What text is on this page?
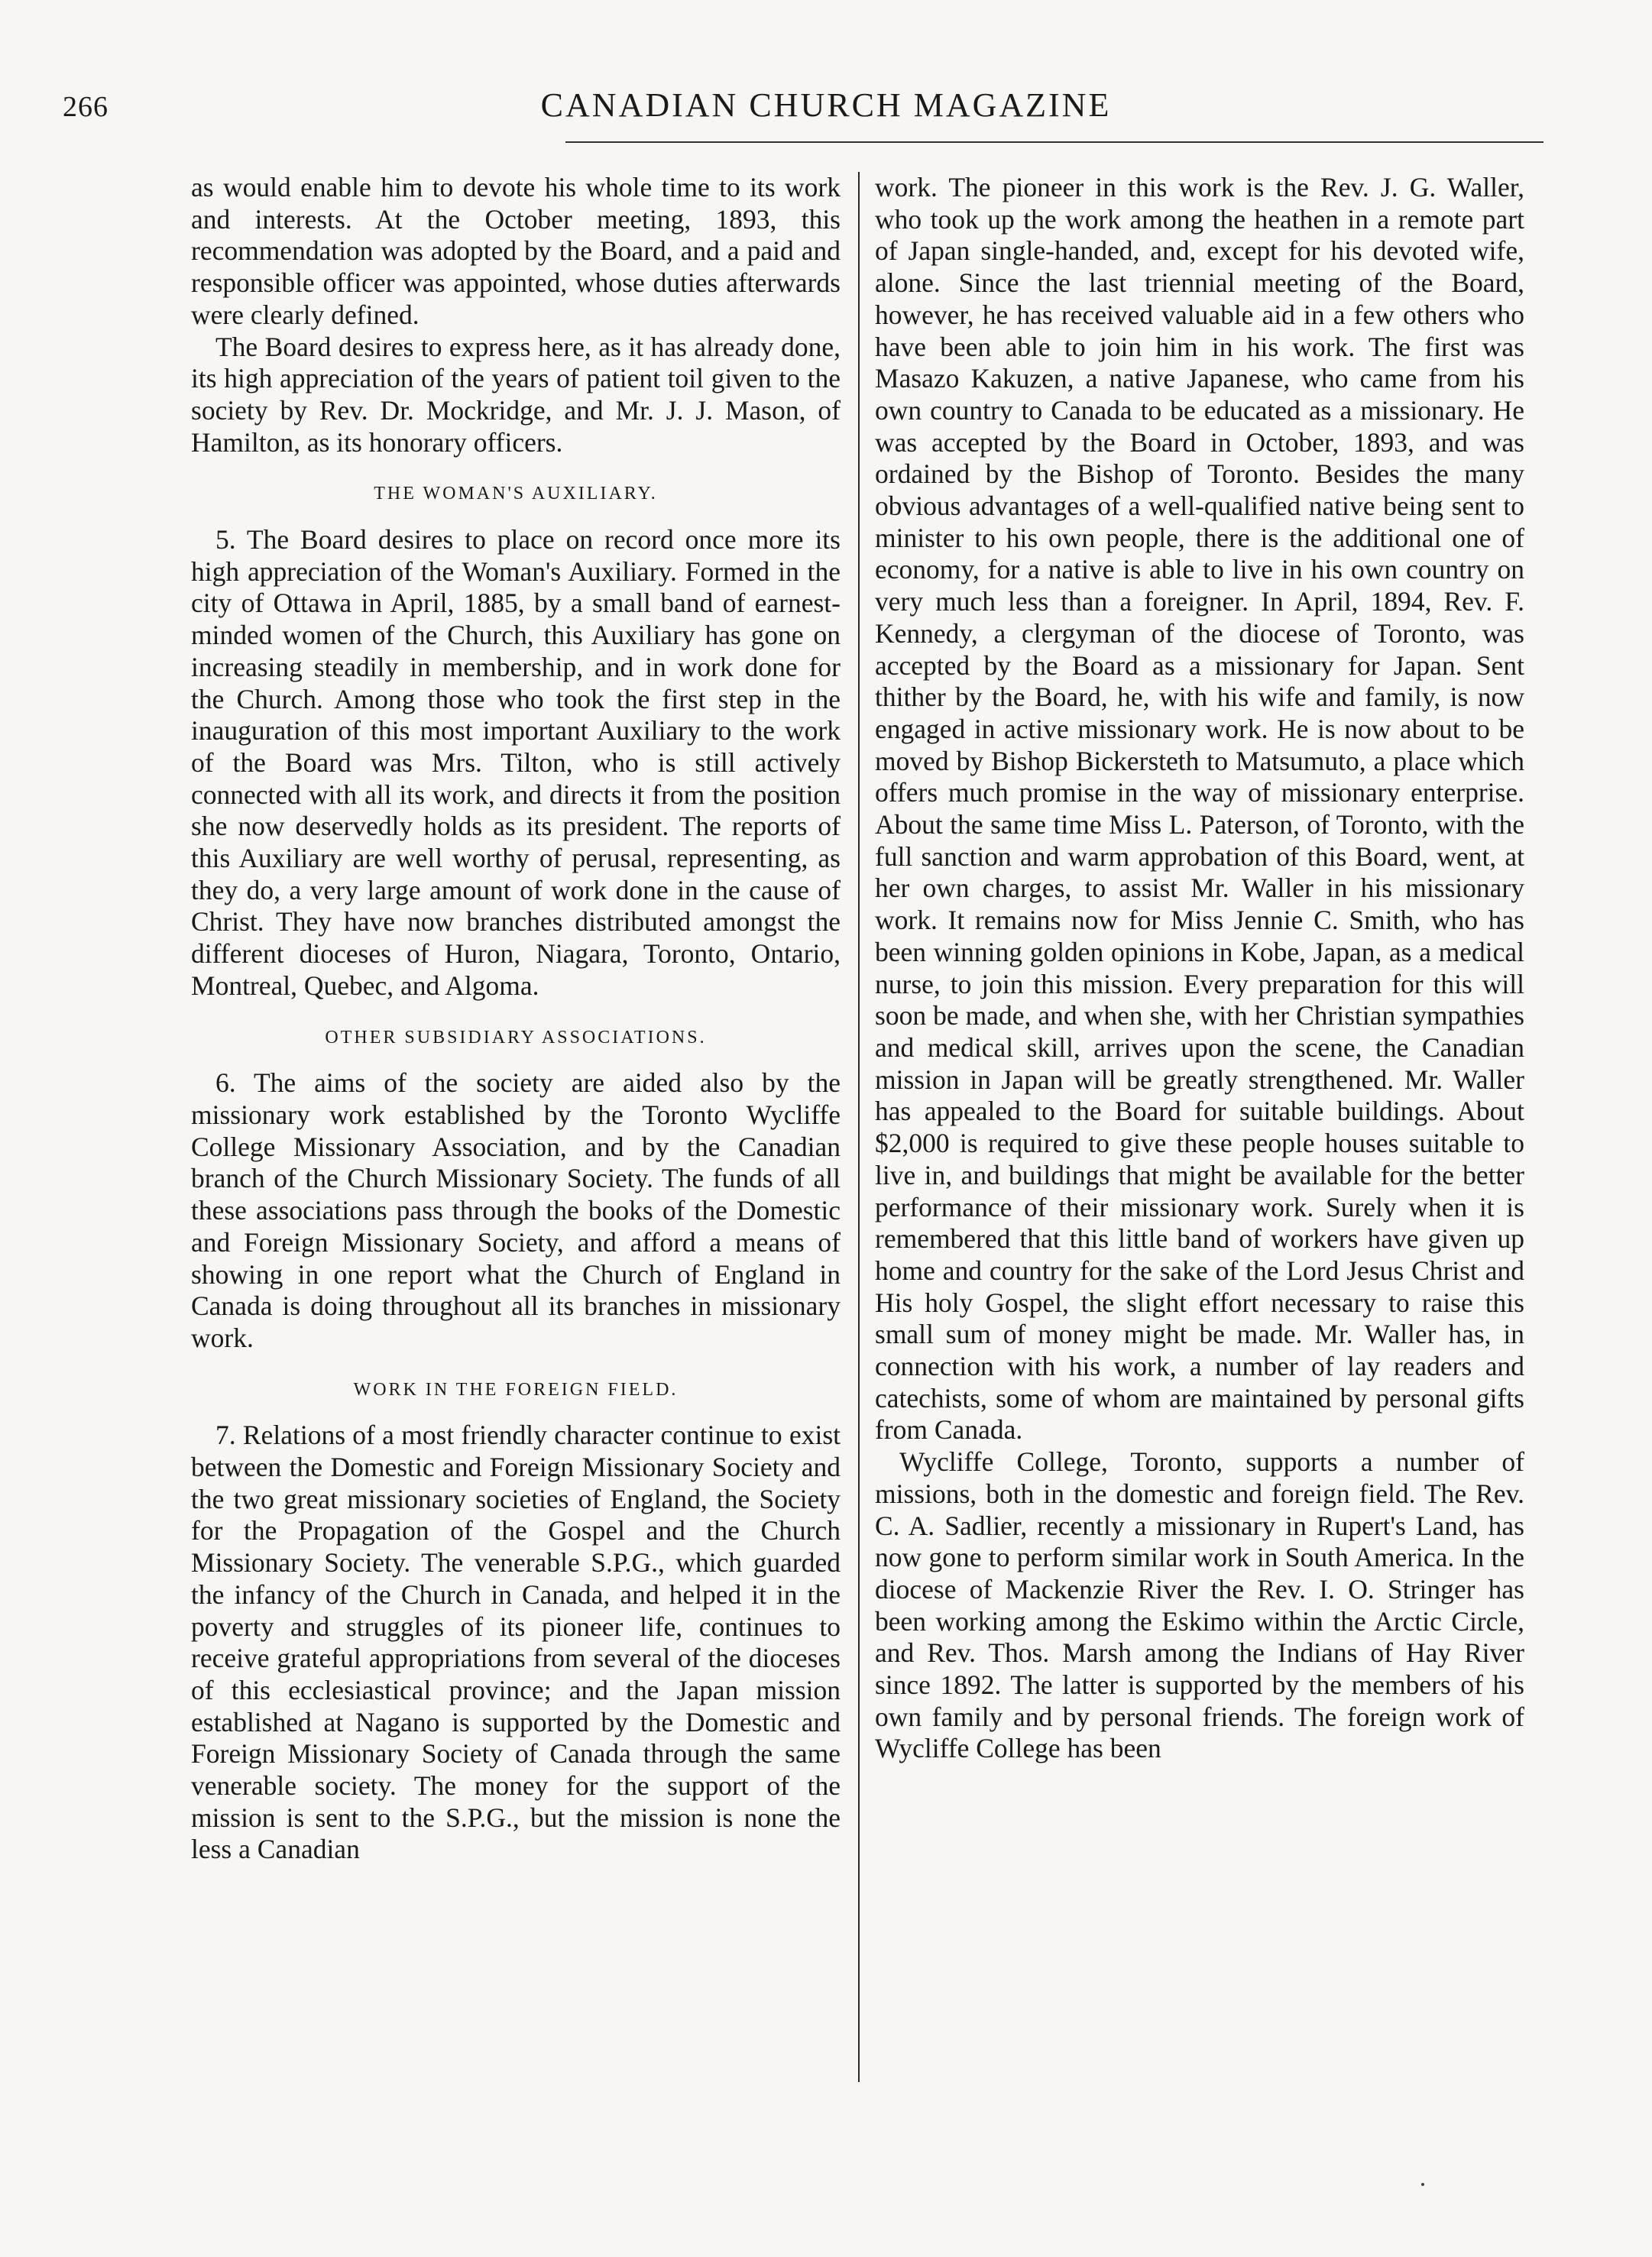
266	CANADIAN CHURCH MAGAZINE

as would enable him to devote his whole time to its work and interests. At the October meeting, 1893, this recommendation was adopted by the Board, and a paid and responsible officer was appointed, whose duties afterwards were clearly defined.

The Board desires to express here, as it has already done, its high appreciation of the years of patient toil given to the society by Rev. Dr. Mockridge, and Mr. J. J. Mason, of Hamilton, as its honorary officers.

THE WOMAN'S AUXILIARY.

5. The Board desires to place on record once more its high appreciation of the Woman's Auxiliary. Formed in the city of Ottawa in April, 1885, by a small band of earnest-minded women of the Church, this Auxiliary has gone on increasing steadily in membership, and in work done for the Church. Among those who took the first step in the inauguration of this most important Auxiliary to the work of the Board was Mrs. Tilton, who is still actively connected with all its work, and directs it from the position she now deservedly holds as its president. The reports of this Auxiliary are well worthy of perusal, representing, as they do, a very large amount of work done in the cause of Christ. They have now branches distributed amongst the different dioceses of Huron, Niagara, Toronto, Ontario, Montreal, Quebec, and Algoma.

OTHER SUBSIDIARY ASSOCIATIONS.

6. The aims of the society are aided also by the missionary work established by the Toronto Wycliffe College Missionary Association, and by the Canadian branch of the Church Missionary Society. The funds of all these associations pass through the books of the Domestic and Foreign Missionary Society, and afford a means of showing in one report what the Church of England in Canada is doing throughout all its branches in missionary work.

WORK IN THE FOREIGN FIELD.

7. Relations of a most friendly character continue to exist between the Domestic and Foreign Missionary Society and the two great missionary societies of England, the Society for the Propagation of the Gospel and the Church Missionary Society. The venerable S.P.G., which guarded the infancy of the Church in Canada, and helped it in the poverty and struggles of its pioneer life, continues to receive grateful appropriations from several of the dioceses of this ecclesiastical province; and the Japan mission established at Nagano is supported by the Domestic and Foreign Missionary Society of Canada through the same venerable society. The money for the support of the mission is sent to the S.P.G., but the mission is none the less a Canadian

work. The pioneer in this work is the Rev. J. G. Waller, who took up the work among the heathen in a remote part of Japan single-handed, and, except for his devoted wife, alone. Since the last triennial meeting of the Board, however, he has received valuable aid in a few others who have been able to join him in his work. The first was Masazo Kakuzen, a native Japanese, who came from his own country to Canada to be educated as a missionary. He was accepted by the Board in October, 1893, and was ordained by the Bishop of Toronto. Besides the many obvious advantages of a well-qualified native being sent to minister to his own people, there is the additional one of economy, for a native is able to live in his own country on very much less than a foreigner. In April, 1894, Rev. F. Kennedy, a clergyman of the diocese of Toronto, was accepted by the Board as a missionary for Japan. Sent thither by the Board, he, with his wife and family, is now engaged in active missionary work. He is now about to be moved by Bishop Bickersteth to Matsumuto, a place which offers much promise in the way of missionary enterprise. About the same time Miss L. Paterson, of Toronto, with the full sanction and warm approbation of this Board, went, at her own charges, to assist Mr. Waller in his missionary work. It remains now for Miss Jennie C. Smith, who has been winning golden opinions in Kobe, Japan, as a medical nurse, to join this mission. Every preparation for this will soon be made, and when she, with her Christian sympathies and medical skill, arrives upon the scene, the Canadian mission in Japan will be greatly strengthened. Mr. Waller has appealed to the Board for suitable buildings. About $2,000 is required to give these people houses suitable to live in, and buildings that might be available for the better performance of their missionary work. Surely when it is remembered that this little band of workers have given up home and country for the sake of the Lord Jesus Christ and His holy Gospel, the slight effort necessary to raise this small sum of money might be made. Mr. Waller has, in connection with his work, a number of lay readers and catechists, some of whom are maintained by personal gifts from Canada.

Wycliffe College, Toronto, supports a number of missions, both in the domestic and foreign field. The Rev. C. A. Sadlier, recently a missionary in Rupert's Land, has now gone to perform similar work in South America. In the diocese of Mackenzie River the Rev. I. O. Stringer has been working among the Eskimo within the Arctic Circle, and Rev. Thos. Marsh among the Indians of Hay River since 1892. The latter is supported by the members of his own family and by personal friends. The foreign work of Wycliffe College has been
